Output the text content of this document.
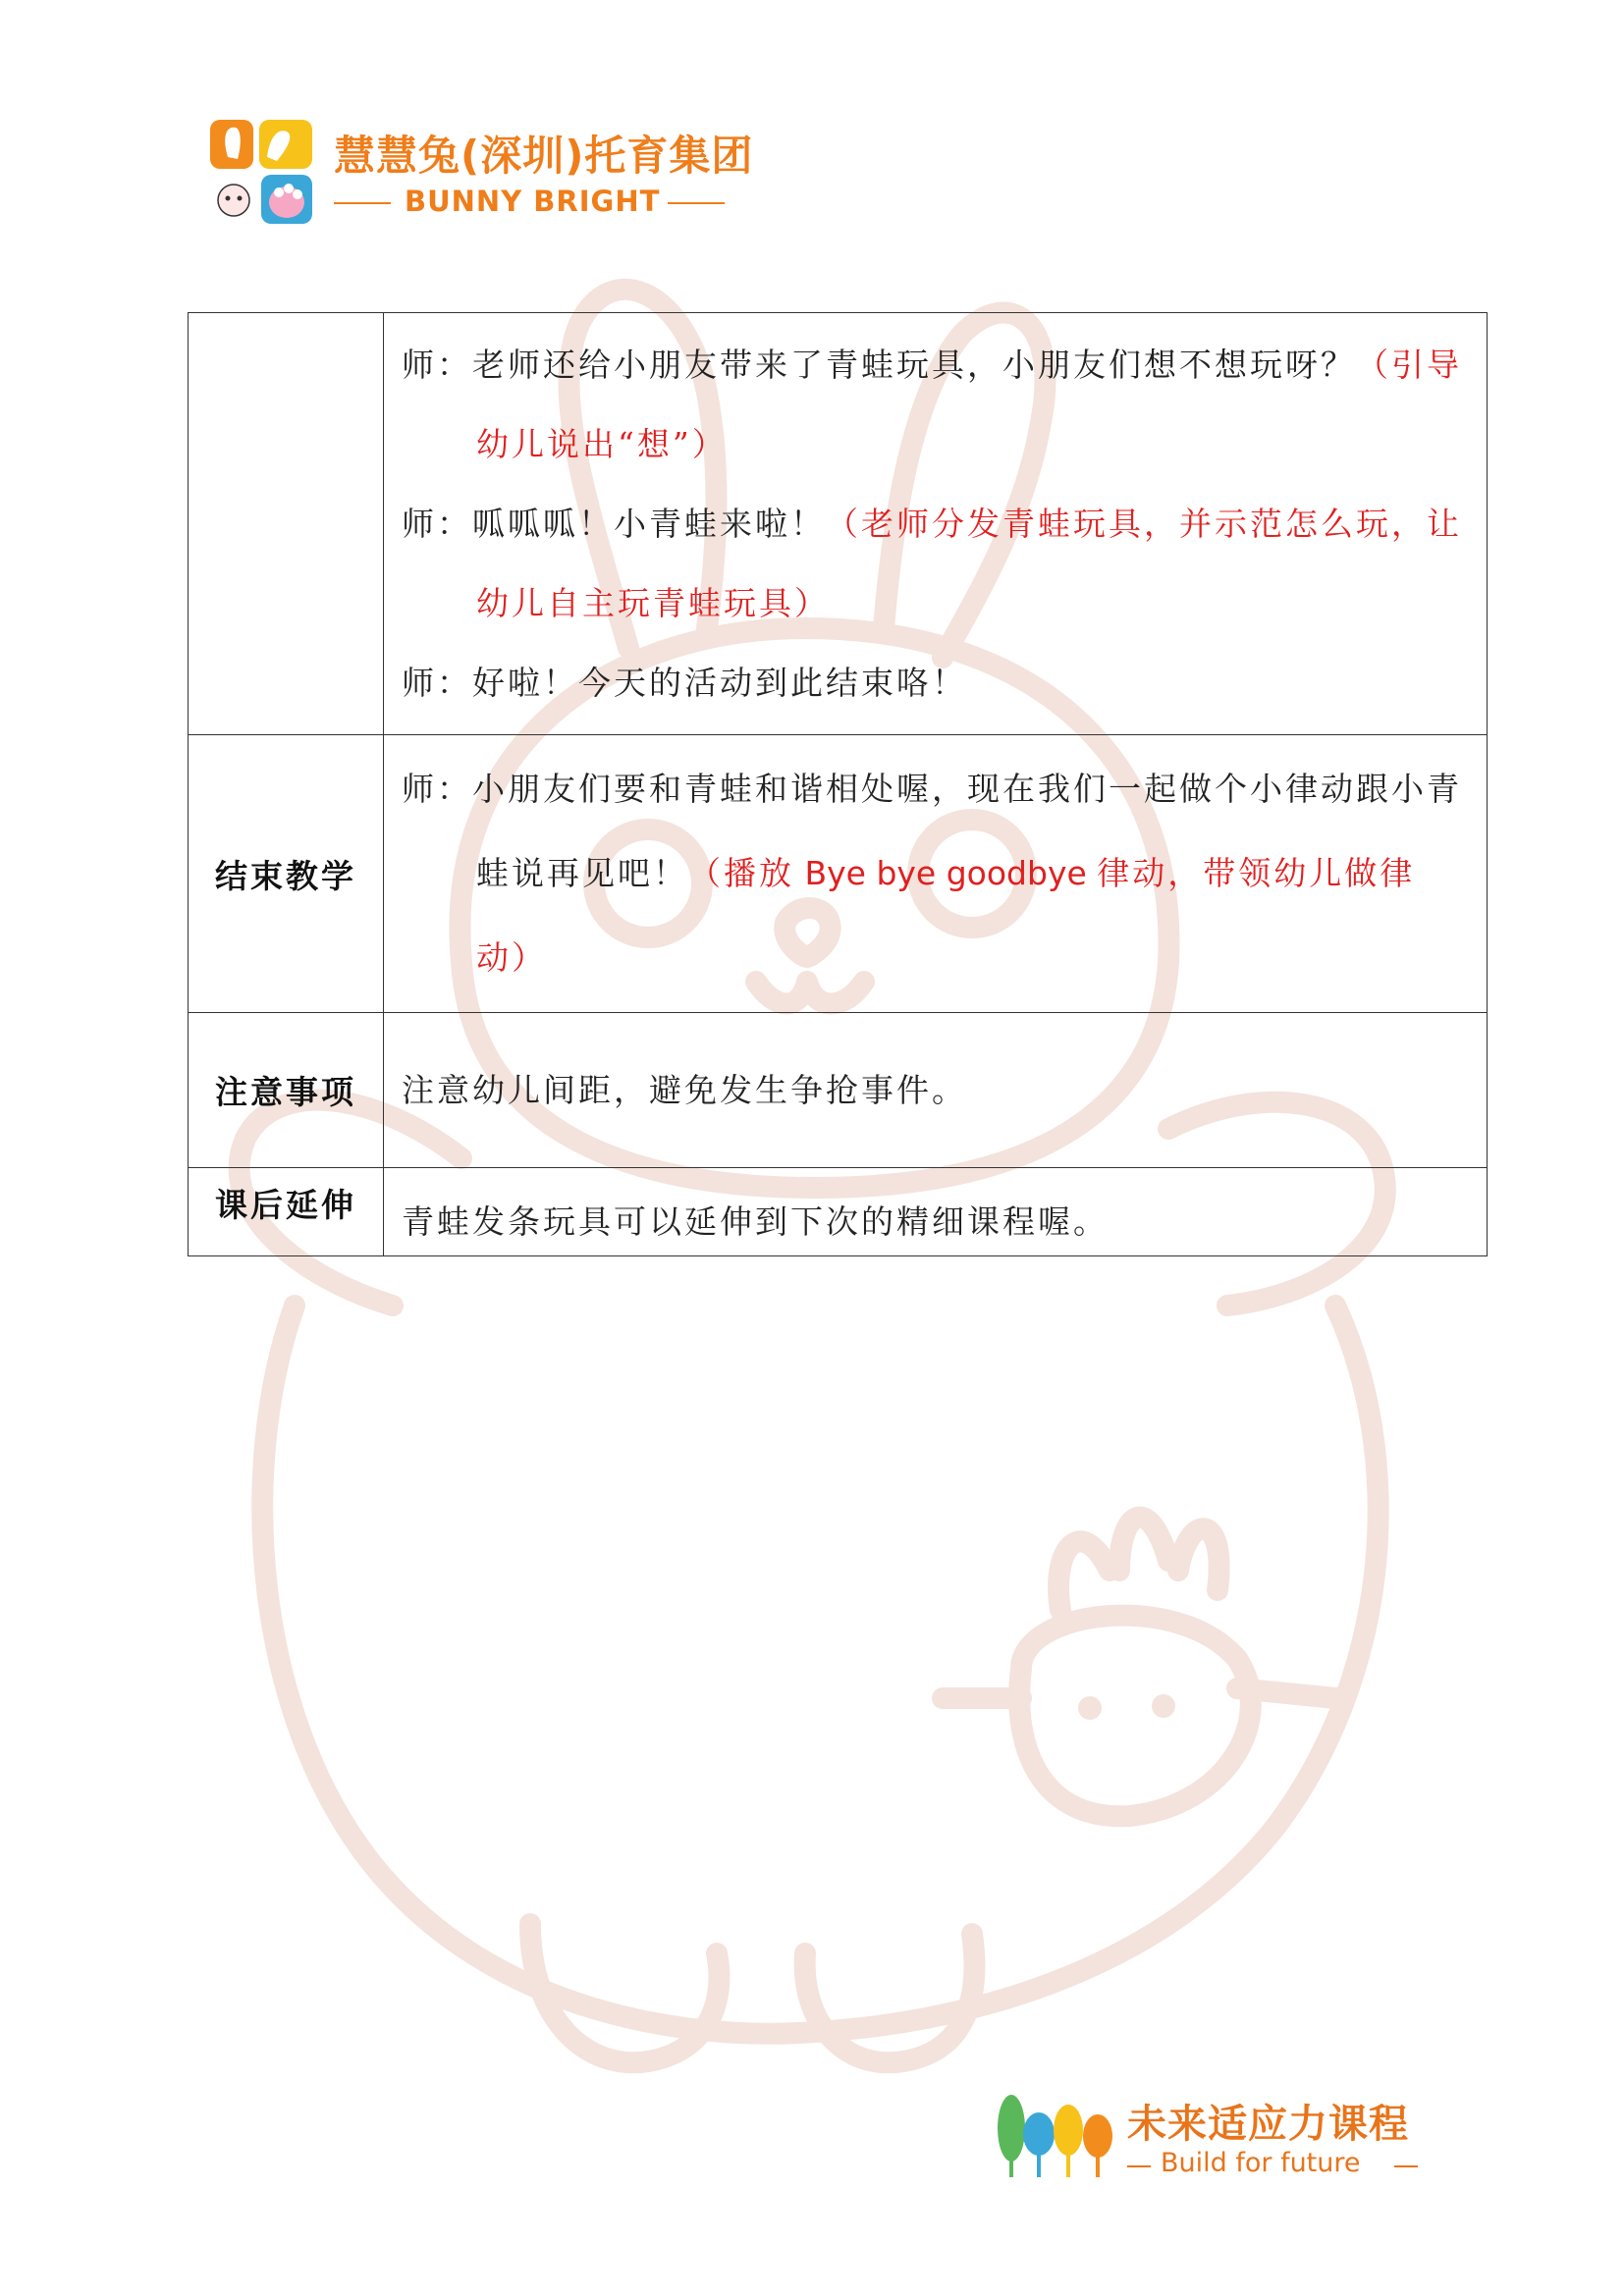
慧慧兔(深圳)托育集团
BUNNY BRIGHT

	师：老师还给小朋友带来了青蛙玩具，小朋友们想不想玩呀？（引导幼儿说出“想”）

师：呱呱呱！小青蛙来啦！（老师分发青蛙玩具，并示范怎么玩，让幼儿自主玩青蛙玩具）

师：好啦！今天的活动到此结束咯！

结束教学	师：小朋友们要和青蛙和谐相处喔，现在我们一起做个小律动跟小青蛙说再见吧！（播放 Bye bye goodbye 律动，带领幼儿做律动）

注意事项	注意幼儿间距，避免发生争抢事件。

课后延伸	青蛙发条玩具可以延伸到下次的精细课程喔。

未来适应力课程
Build for future
